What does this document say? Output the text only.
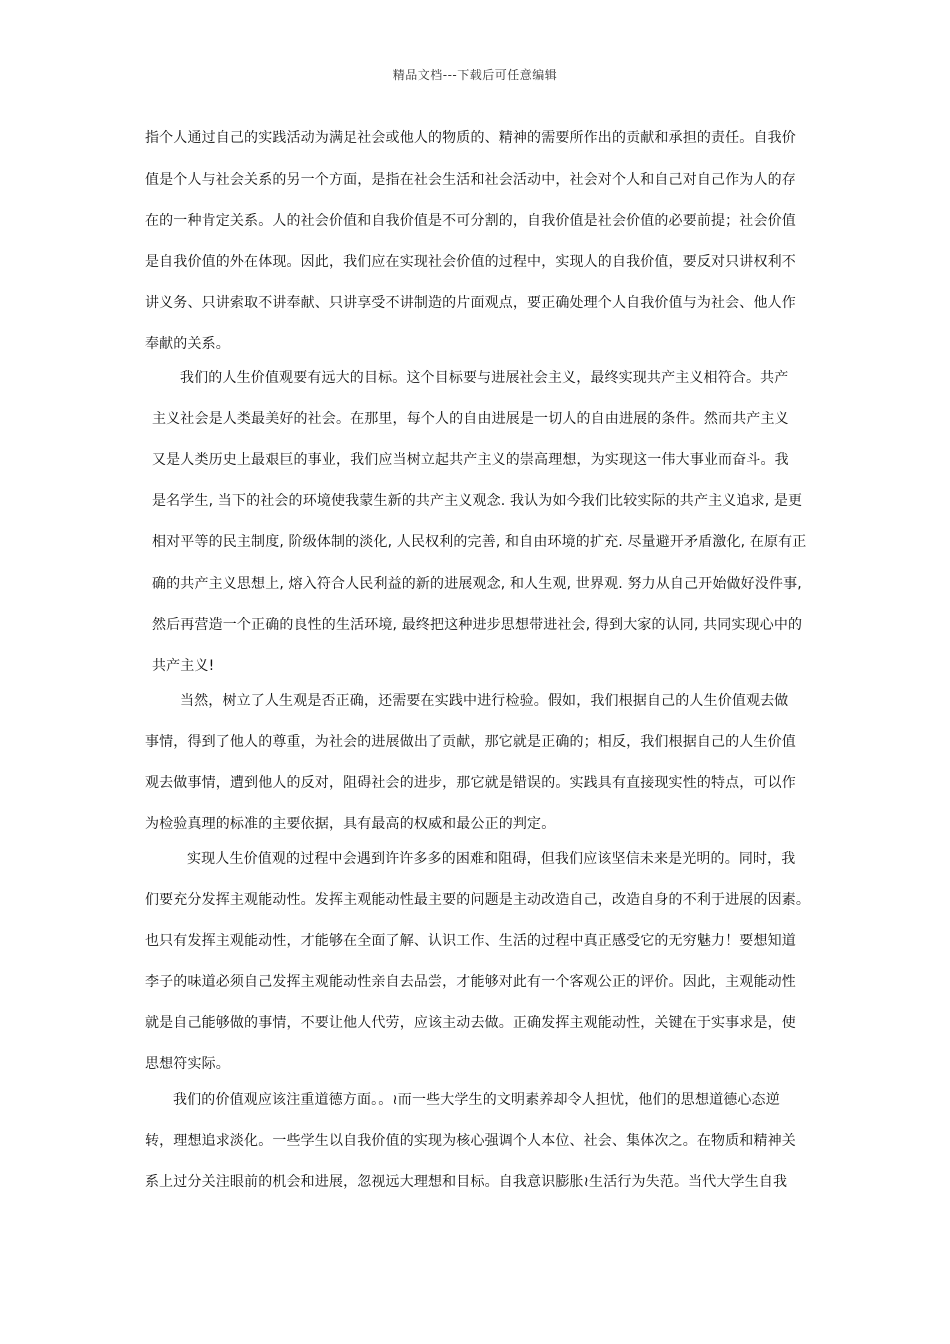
精品文档---下载后可任意编辑
指个人通过自己的实践活动为满足社会或他人的物质的、精神的需要所作出的贡献和承担的责任。自我价
值是个人与社会关系的另一个方面，是指在社会生活和社会活动中，社会对个人和自己对自己作为人的存
在的一种肯定关系。人的社会价值和自我价值是不可分割的，自我价值是社会价值的必要前提；社会价值
是自我价值的外在体现。因此，我们应在实现社会价值的过程中，实现人的自我价值，要反对只讲权利不
讲义务、只讲索取不讲奉献、只讲享受不讲制造的片面观点，要正确处理个人自我价值与为社会、他人作
奉献的关系。
我们的人生价值观要有远大的目标。这个目标要与进展社会主义，最终实现共产主义相符合。共产
主义社会是人类最美好的社会。在那里，每个人的自由进展是一切人的自由进展的条件。然而共产主义
又是人类历史上最艰巨的事业，我们应当树立起共产主义的崇高理想，为实现这一伟大事业而奋斗。我
是名学生, 当下的社会的环境使我蒙生新的共产主义观念. 我认为如今我们比较实际的共产主义追求, 是更
相对平等的民主制度, 阶级体制的淡化, 人民权利的完善, 和自由环境的扩充. 尽量避开矛盾激化, 在原有正
确的共产主义思想上, 熔入符合人民利益的新的进展观念, 和人生观, 世界观. 努力从自己开始做好没件事,
然后再营造一个正确的良性的生活环境, 最终把这种进步思想带进社会, 得到大家的认同, 共同实现心中的
共产主义!
当然，树立了人生观是否正确，还需要在实践中进行检验。假如，我们根据自己的人生价值观去做
事情，得到了他人的尊重，为社会的进展做出了贡献，那它就是正确的；相反，我们根据自己的人生价值
观去做事情，遭到他人的反对，阻碍社会的进步，那它就是错误的。实践具有直接现实性的特点，可以作
为检验真理的标准的主要依据，具有最高的权威和最公正的判定。
实现人生价值观的过程中会遇到许许多多的困难和阻碍，但我们应该坚信未来是光明的。同时，我
们要充分发挥主观能动性。发挥主观能动性最主要的问题是主动改造自己，改造自身的不利于进展的因素。
也只有发挥主观能动性，才能够在全面了解、认识工作、生活的过程中真正感受它的无穷魅力！要想知道
李子的味道必须自己发挥主观能动性亲自去品尝，才能够对此有一个客观公正的评价。因此，主观能动性
就是自己能够做的事情，不要让他人代劳，应该主动去做。正确发挥主观能动性，关键在于实事求是，使
思想符实际。
我们的价值观应该注重道德方面。。≀而一些大学生的文明素养却令人担忧，他们的思想道德心态逆
转，理想追求淡化。一些学生以自我价值的实现为核心强调个人本位、社会、集体次之。在物质和精神关
系上过分关注眼前的机会和进展，忽视远大理想和目标。自我意识膨胀≀生活行为失范。当代大学生自我
